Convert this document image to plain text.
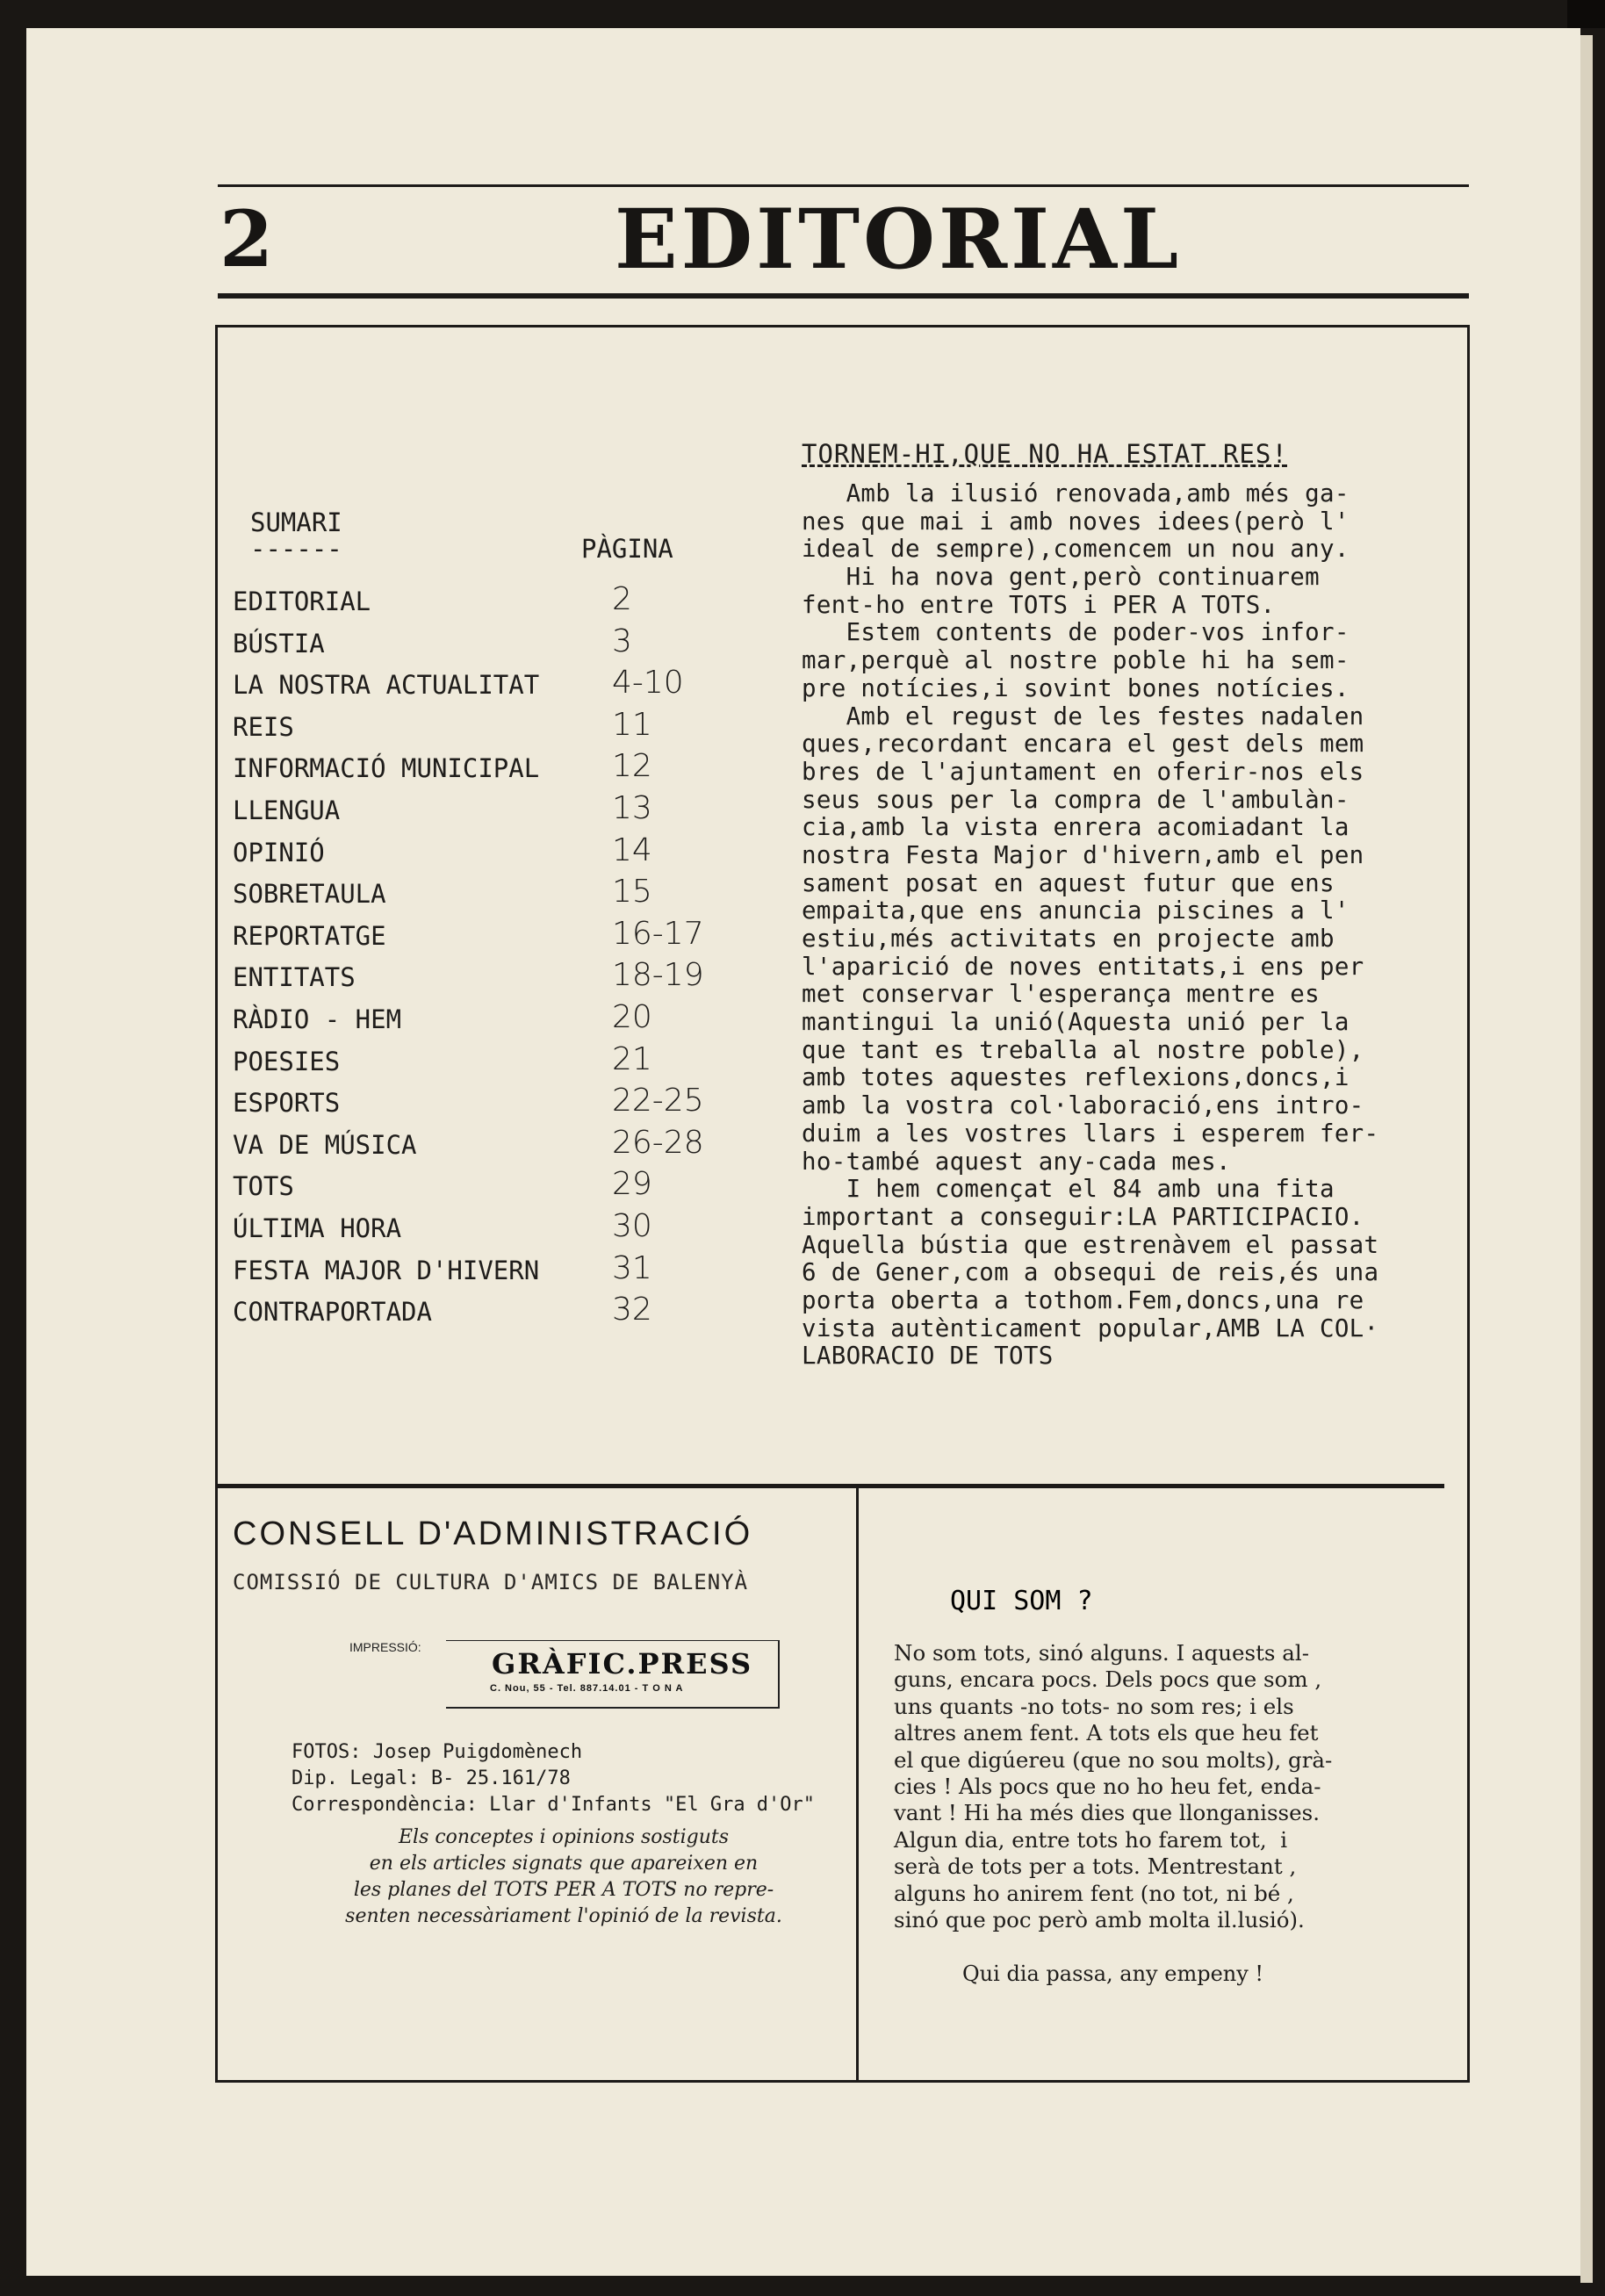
2	EDITORIAL
SUMARI
------	PÀGINA
EDITORIAL	2
BÚSTIA	3
LA NOSTRA ACTUALITAT 4-10
REIS	11
INFORMACIÓ MUNICIPAL 12
LLENGUA	13
OPINIÓ	14
SOBRETAULA	15
REPORTATGE	16-17
ENTITATS	18-19
RÀDIO - HEM	20
POESIES	21
ESPORTS	22-25
VA DE MÚSICA	26-28
TOTS	29
ÚLTIMA HORA	30
FESTA MAJOR D'HIVERN 31
CONTRAPORTADA	32
TORNEM-HI,QUE NO HA ESTAT RES!
Amb la ilusió renovada,amb més ga-
nes que mai i amb noves idees(però l'
ideal de sempre),comencem un nou any.
Hi ha nova gent,però continuarem
fent-ho entre TOTS i PER A TOTS.
Estem contents de poder-vos infor-
mar,perquè al nostre poble hi ha sem-
pre notícies,i sovint bones notícies.
Amb el regust de les festes nadalen
ques,recordant encara el gest dels mem
bres de l'ajuntament en oferir-nos els
seus sous per la compra de l'ambulàn-
cia,amb la vista enrera acomiadant la
nostra Festa Major d'hivern,amb el pen
sament posat en aquest futur que ens
empaita,que ens anuncia piscines a l'
estiu,més activitats en projecte amb
l'aparició de noves entitats,i ens per
met conservar l'esperança mentre es
mantingui la unió(Aquesta unió per la
que tant es treballa al nostre poble),
amb totes aquestes reflexions,doncs,i
amb la vostra col·laboració,ens intro-
duim a les vostres llars i esperem fer-
ho-també aquest any-cada mes.
I hem començat el 84 amb una fita
important a conseguir:LA PARTICIPACIO.
Aquella bústia que estrenàvem el passat
6 de Gener,com a obsequi de reis,és una
porta oberta a tothom.Fem,doncs,una re
vista autènticament popular,AMB LA COL·
LABORACIO DE TOTS
CONSELL D'ADMINISTRACIÓ
COMISSIÓ DE CULTURA D'AMICS DE BALENYÀ
IMPRESSIÓ:	GRÀFIC.PRESS
C. Nou, 55 - Tel. 887.14.01 - T O N A
FOTOS: Josep Puigdomènech
Dip. Legal: B- 25.161/78
Correspondència: Llar d'Infants "El Gra d'Or"
Els conceptes i opinions sostiguts
en els articles signats que apareixen en
les planes del TOTS PER A TOTS no repre-
senten necessàriament l'opinió de la revista.
QUI SOM ?
No som tots, sinó alguns. I aquests al-
guns, encara pocs. Dels pocs que som ,
uns quants -no tots- no som res; i els
altres anem fent. A tots els que heu fet
el que digúereu (que no sou molts), grà-
cies ! Als pocs que no ho heu fet, enda-
vant ! Hi ha més dies que llonganisses.
Algun dia, entre tots ho farem tot,  i
serà de tots per a tots. Mentrestant ,
alguns ho anirem fent (no tot, ni bé ,
sinó que poc però amb molta il.lusió).
Qui dia passa, any empeny !
